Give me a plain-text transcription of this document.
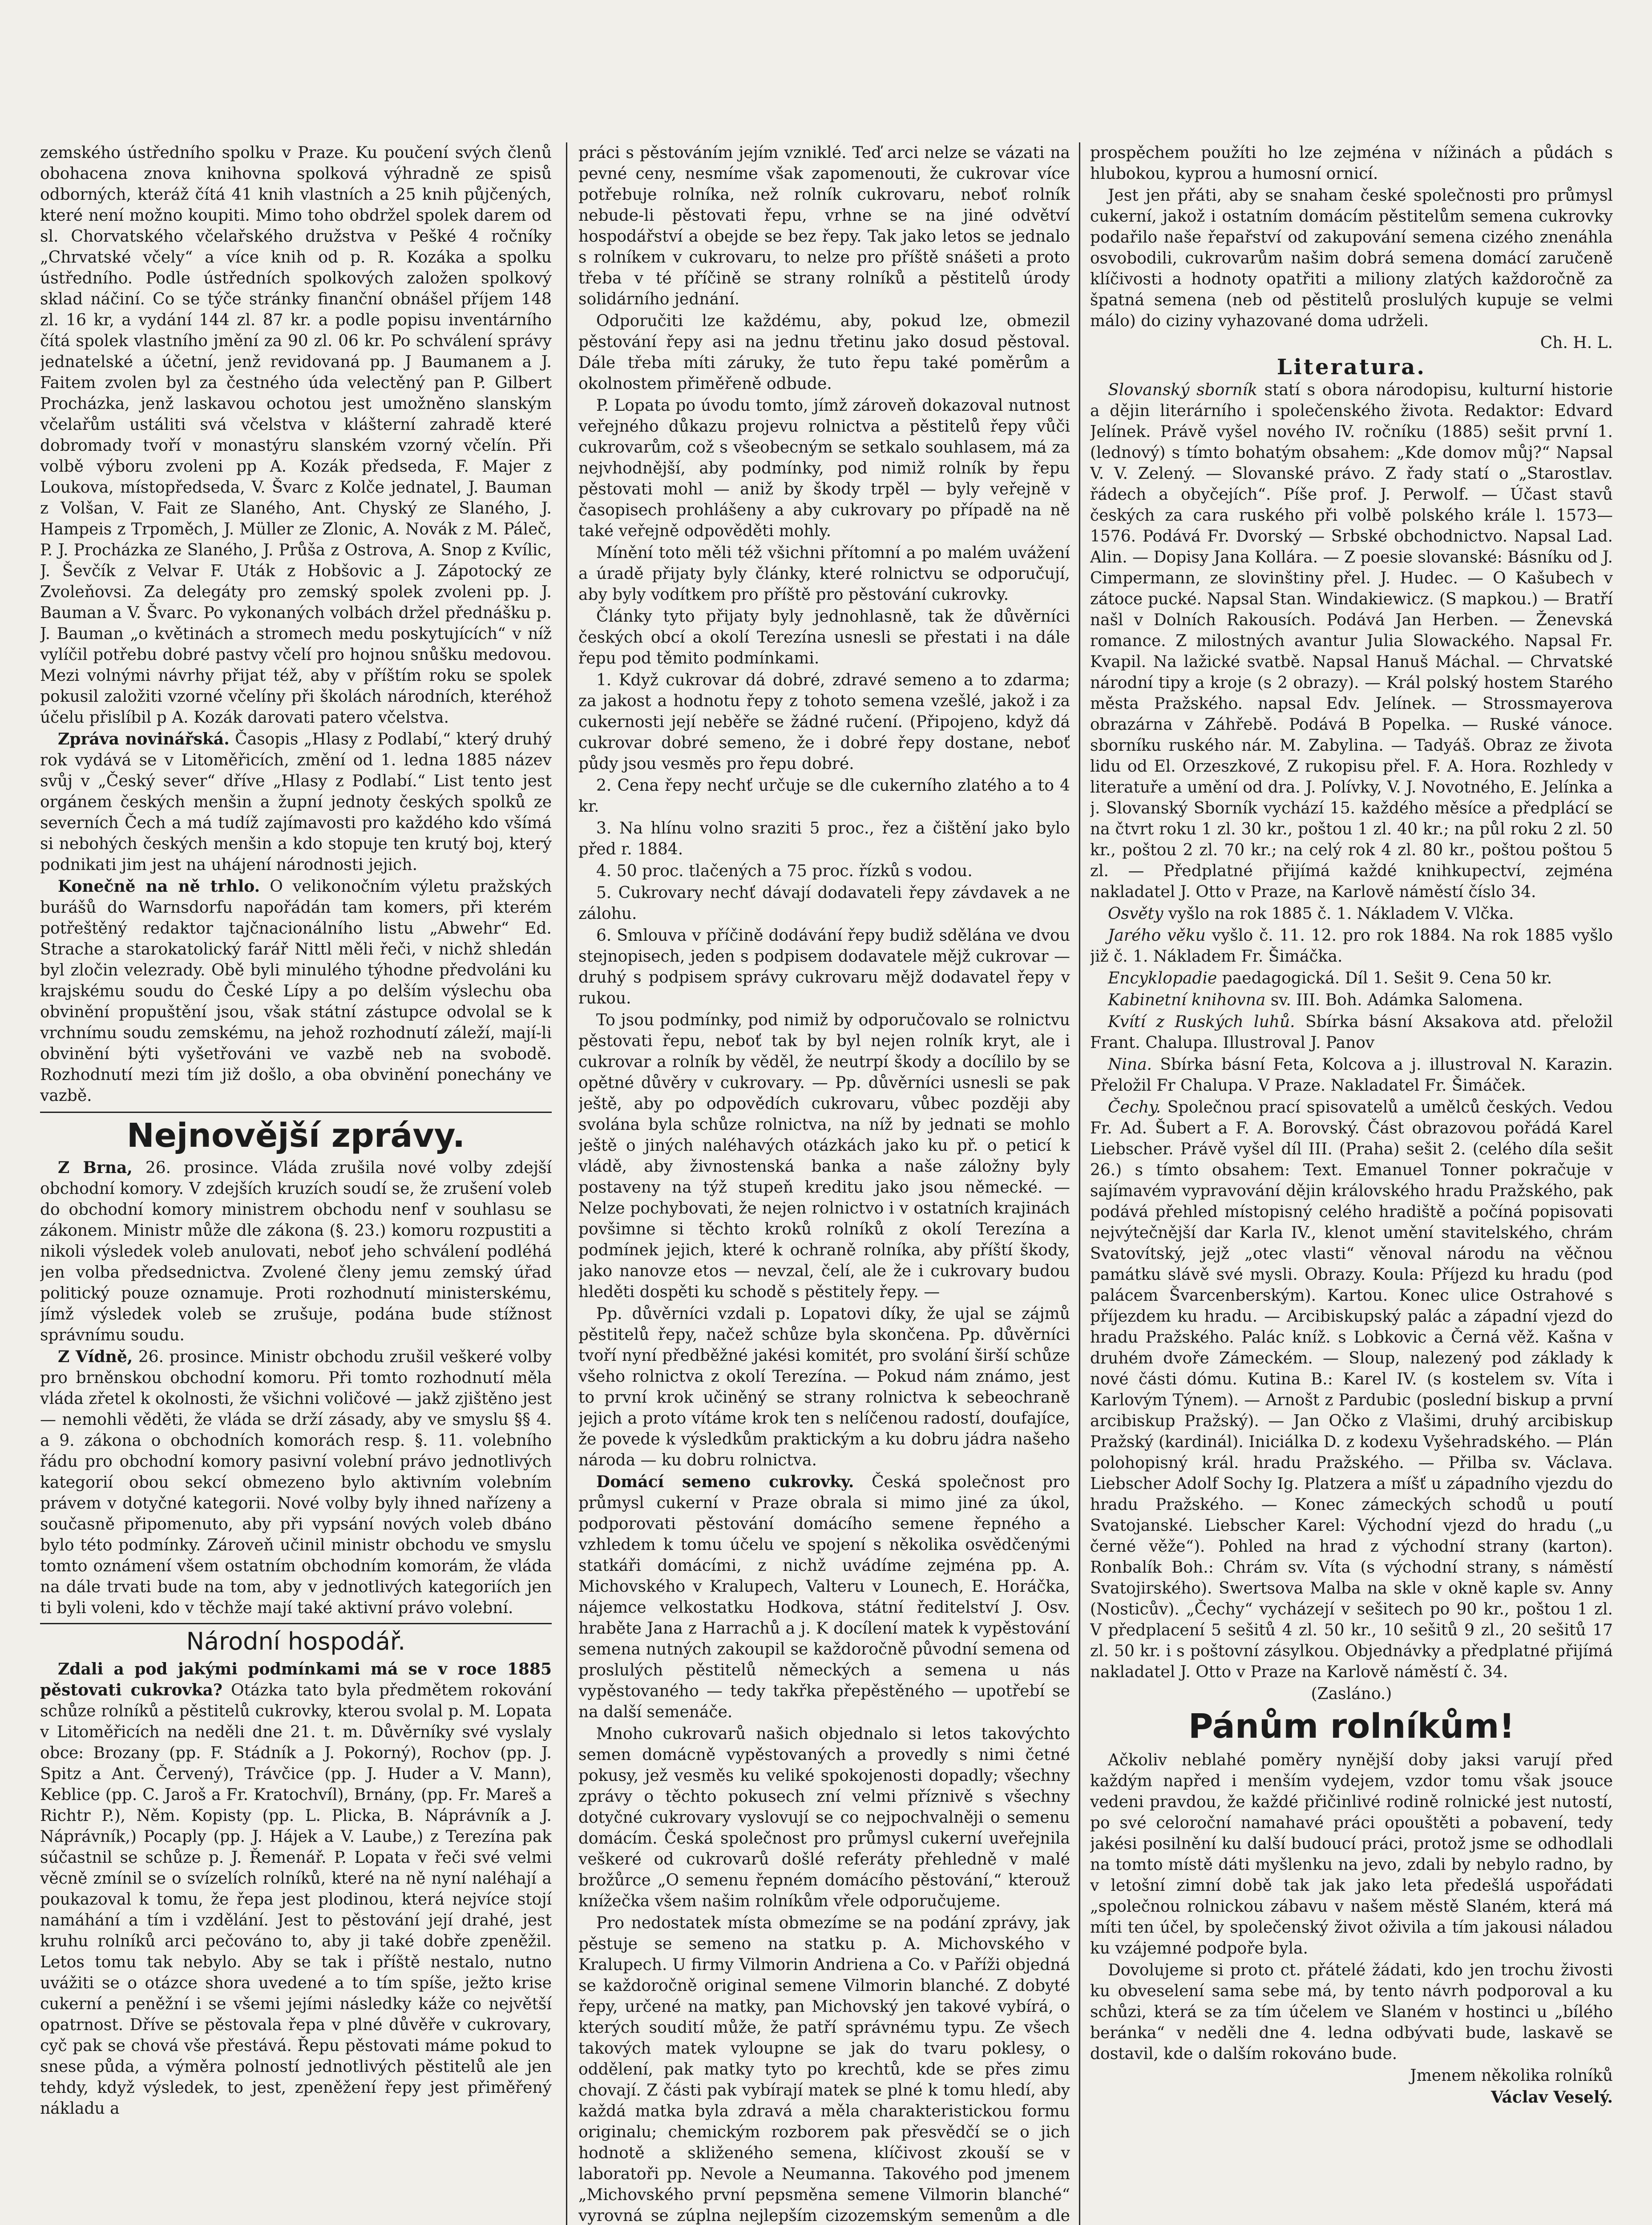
zemského ústředního spolku v Praze. Ku poučení svých členů obohacena znova knihovna spolková výhradně ze spisů odborných, kteráž čítá 41 knih vlastních a 25 knih půjčených, které není možno koupiti. Mimo toho obdržel spolek darem od sl. Chorvatského včelařského družstva v Pešké 4 ročníky „Chrvatské včely“ a více knih od p. R. Kozáka a spolku ústředního. Podle ústředních spolkových založen spolkový sklad náčiní. Co se týče stránky finanční obnášel příjem 148 zl. 16 kr, a vydání 144 zl. 87 kr. a podle popisu inventárního čítá spolek vlastního jmění za 90 zl. 06 kr. Po schválení správy jednatelské a účetní, jenž revidovaná pp. J Baumanem a J. Faitem zvolen byl za čestného úda velectěný pan P. Gilbert Procházka, jenž laskavou ochotou jest umožněno slanským včelařům ustáliti svá včelstva v klášterní zahradě které dobromady tvoří v monastýru slanském vzorný včelín. Při volbě výboru zvoleni pp A. Kozák předseda, F. Majer z Loukova, místopředseda, V. Švarc z Kolče jednatel, J. Bauman z Volšan, V. Fait ze Slaného, Ant. Chyský ze Slaného, J. Hampeis z Trpoměch, J. Müller ze Zlonic, A. Novák z M. Páleč, P. J. Procházka ze Slaného, J. Průša z Ostrova, A. Snop z Kvílic, J. Ševčík z Velvar F. Uták z Hobšovic a J. Zápotocký ze Zvoleňovsi. Za delegáty pro zemský spolek zvoleni pp. J. Bauman a V. Švarc. Po vykonaných volbách držel přednášku p. J. Bauman „o květinách a stromech medu poskytujících“ v níž vylíčil potřebu dobré pastvy včelí pro hojnou snůšku medovou. Mezi volnými návrhy přijat též, aby v příštím roku se spolek pokusil založiti vzorné včelíny při školách národních, kteréhož účelu přislíbil p A. Kozák darovati patero včelstva.

Zpráva novinářská. Časopis „Hlasy z Podlabí,“ který druhý rok vydává se v Litoměřicích, změní od 1. ledna 1885 název svůj v „Český sever“ dříve „Hlasy z Podlabí.“ List tento jest orgánem českých menšin a župní jednoty českých spolků ze severních Čech a má tudíž zajímavosti pro každého kdo všímá si nebohých českých menšin a kdo stopuje ten krutý boj, který podnikati jim jest na uhájení národnosti jejich.

Konečně na ně trhlo. O velikonočním výletu pražských burášů do Warnsdorfu napořádán tam komers, při kterém potřeštěný redaktor tajčnacionálního listu „Abwehr“ Ed. Strache a starokatolický farář Nittl měli řeči, v nichž shledán byl zločin velezrady. Obě byli minulého týhodne předvoláni ku krajskému soudu do České Lípy a po delším výslechu oba obvinění propuštění jsou, však státní zástupce odvolal se k vrchnímu soudu zemskému, na jehož rozhodnutí záleží, mají-li obvinění býti vyšetřováni ve vazbě neb na svobodě. Rozhodnutí mezi tím již došlo, a oba obvinění ponechány ve vazbě.

Nejnovější zprávy.

Z Brna, 26. prosince. Vláda zrušila nové volby zdejší obchodní komory. V zdejších kruzích soudí se, že zrušení voleb do obchodní komory ministrem obchodu nenf v souhlasu se zákonem. Ministr může dle zákona (§. 23.) komoru rozpustiti a nikoli výsledek voleb anulovati, neboť jeho schválení podléhá jen volba předsednictva. Zvolené členy jemu zemský úřad politický pouze oznamuje. Proti rozhodnutí ministerskému, jímž výsledek voleb se zrušuje, podána bude stížnost správnímu soudu.

Z Vídně, 26. prosince. Ministr obchodu zrušil veškeré volby pro brněnskou obchodní komoru. Při tomto rozhodnutí měla vláda zřetel k okolnosti, že všichni voličové — jakž zjištěno jest — nemohli věděti, že vláda se drží zásady, aby ve smyslu §§ 4. a 9. zákona o obchodních komorách resp. §. 11. volebního řádu pro obchodní komory pasivní volební právo jednotlivých kategorií obou sekcí obmezeno bylo aktivním volebním právem v dotyčné kategorii. Nové volby byly ihned nařízeny a současně připomenuto, aby při vypsání nových voleb dbáno bylo této podmínky. Zároveň učinil ministr obchodu ve smyslu tomto oznámení všem ostatním obchodním komorám, že vláda na dále trvati bude na tom, aby v jednotlivých kategoriích jen ti byli voleni, kdo v těchže mají také aktivní právo volební.

Národní hospodář.

Zdali a pod jakými podmínkami má se v roce 1885 pěstovati cukrovka? Otázka tato byla předmětem rokování schůze rolníků a pěstitelů cukrovky, kterou svolal p. M. Lopata v Litoměřicích na neděli dne 21. t. m. Důvěrníky své vyslaly obce: Brozany (pp. F. Stádník a J. Pokorný), Rochov (pp. J. Spitz a Ant. Červený), Trávčice (pp. J. Huder a V. Mann), Keblice (pp. C. Jaroš a Fr. Kratochvíl), Brnány, (pp. Fr. Mareš a Richtr P.), Něm. Kopisty (pp. L. Plicka, B. Náprávník a J. Náprávník,) Pocaply (pp. J. Hájek a V. Laube,) z Terezína pak súčastnil se schůze p. J. Řemenář. P. Lopata v řeči své velmi věcně zmínil se o svízelích rolníků, které na ně nyní naléhají a poukazoval k tomu, že řepa jest plodinou, která nejvíce stojí namáhání a tím i vzdělání. Jest to pěstování její drahé, jest kruhu rolníků arci pečováno to, aby ji také dobře zpeněžil. Letos tomu tak nebylo. Aby se tak i příště nestalo, nutno uvážiti se o otázce shora uvedené a to tím spíše, ježto krise cukerní a peněžní i se všemi jejími následky káže co největší opatrnost. Dříve se pěstovala řepa v plné důvěře v cukrovary, cyč pak se chová vše přestává. Řepu pěstovati máme pokud to snese půda, a výměra polností jednotlivých pěstitelů ale jen tehdy, když výsledek, to jest, zpeněžení řepy jest přiměřený nákladu a

práci s pěstováním jejím vzniklé. Teď arci nelze se vázati na pevné ceny, nesmíme však zapomenouti, že cukrovar více potřebuje rolníka, než rolník cukrovaru, neboť rolník nebude-li pěstovati řepu, vrhne se na jiné odvětví hospodářství a obejde se bez řepy. Tak jako letos se jednalo s rolníkem v cukrovaru, to nelze pro příště snášeti a proto třeba v té příčině se strany rolníků a pěstitelů úrody solidárního jednání.

Odporučiti lze každému, aby, pokud lze, obmezil pěstování řepy asi na jednu třetinu jako dosud pěstoval. Dále třeba míti záruky, že tuto řepu také poměrům a okolnostem přiměřeně odbude.

P. Lopata po úvodu tomto, jímž zároveň dokazoval nutnost veřejného důkazu projevu rolnictva a pěstitelů řepy vůči cukrovarům, což s všeobecným se setkalo souhlasem, má za nejvhodnější, aby podmínky, pod nimiž rolník by řepu pěstovati mohl — aniž by škody trpěl — byly veřejně v časopisech prohlášeny a aby cukrovary po případě na ně také veřejně odpověděti mohly.

Mínění toto měli též všichni přítomní a po malém uvážení a úradě přijaty byly články, které rolnictvu se odporučují, aby byly vodítkem pro příště pro pěstování cukrovky.

Články tyto přijaty byly jednohlasně, tak že důvěrníci českých obcí a okolí Terezína usnesli se přestati i na dále řepu pod těmito podmínkami.

1. Když cukrovar dá dobré, zdravé semeno a to zdarma; za jakost a hodnotu řepy z tohoto semena vzešlé, jakož i za cukernosti její neběře se žádné ručení. (Připojeno, když dá cukrovar dobré semeno, že i dobré řepy dostane, neboť půdy jsou vesměs pro řepu dobré.

2. Cena řepy nechť určuje se dle cukerního zlatého a to 4 kr.

3. Na hlínu volno sraziti 5 proc., řez a čištění jako bylo před r. 1884.

4. 50 proc. tlačených a 75 proc. řízků s vodou.

5. Cukrovary nechť dávají dodavateli řepy závdavek a ne zálohu.

6. Smlouva v příčině dodávání řepy budiž sdělána ve dvou stejnopisech, jeden s podpisem dodavatele mějž cukrovar — druhý s podpisem správy cukrovaru mějž dodavatel řepy v rukou.

To jsou podmínky, pod nimiž by odporučovalo se rolnictvu pěstovati řepu, neboť tak by byl nejen rolník kryt, ale i cukrovar a rolník by věděl, že neutrpí škody a docílilo by se opětné důvěry v cukrovary. — Pp. důvěrníci usnesli se pak ještě, aby po odpovědích cukrovaru, vůbec později aby svolána byla schůze rolnictva, na níž by jednati se mohlo ještě o jiných naléhavých otázkách jako ku př. o peticí k vládě, aby živnostenská banka a naše záložny byly postaveny na týž stupeň kreditu jako jsou německé. — Nelze pochybovati, že nejen rolnictvo i v ostatních krajinách povšimne si těchto kroků rolníků z okolí Terezína a podmínek jejich, které k ochraně rolníka, aby příští škody, jako nanovze etos — nevzal, čelí, ale že i cukrovary budou hleděti dospěti ku schodě s pěstitely řepy. —

Pp. důvěrníci vzdali p. Lopatovi díky, že ujal se zájmů pěstitelů řepy, načež schůze byla skončena. Pp. důvěrníci tvoří nyní předběžné jakési komitét, pro svolání širší schůze všeho rolnictva z okolí Terezína. — Pokud nám známo, jest to první krok učiněný se strany rolnictva k sebeochraně jejich a proto vítáme krok ten s nelíčenou radostí, doufajíce, že povede k výsledkům praktickým a ku dobru jádra našeho národa — ku dobru rolnictva.

Domácí semeno cukrovky. Česká společnost pro průmysl cukerní v Praze obrala si mimo jiné za úkol, podporovati pěstování domácího semene řepného a vzhledem k tomu účelu ve spojení s několika osvědčenými statkáři domácími, z nichž uvádíme zejména pp. A. Michovského v Kralupech, Valteru v Lounech, E. Horáčka, nájemce velkostatku Hodkova, státní ředitelství J. Osv. hraběte Jana z Harrachů a j. K docílení matek k vypěstování semena nutných zakoupil se každoročně původní semena od proslulých pěstitelů německých a semena u nás vypěstovaného — tedy takřka přepěstěného — upotřebí se na další semenáče.

Mnoho cukrovarů našich objednalo si letos takovýchto semen domácně vypěstovaných a provedly s nimi četné pokusy, jež vesměs ku veliké spokojenosti dopadly; všechny zprávy o těchto pokusech zní velmi příznivě s všechny dotyčné cukrovary vyslovují se co nejpochvalněji o semenu domácím. Česká společnost pro průmysl cukerní uveřejnila veškeré od cukrovarů došlé referáty přehledně v malé brožůrce „O semenu řepném domácího pěstování,“ kterouž knížečka všem našim rolníkům vřele odporučujeme.

Pro nedostatek místa obmezíme se na podání zprávy, jak pěstuje se semeno na statku p. A. Michovského v Kralupech. U firmy Vilmorin Andriena a Co. v Paříži objedná se každoročně original semene Vilmorin blanché. Z dobyté řepy, určené na matky, pan Michovský jen takové vybírá, o kterých soudití může, že patří správnému typu. Ze všech takových matek vyloupne se jak do tvaru poklesy, o oddělení, pak matky tyto po krechtů, kde se přes zimu chovají. Z části pak vybírají matek se plné k tomu hledí, aby každá matka byla zdravá a měla charakteristickou formu originalu; chemickým rozborem pak přesvědčí se o jich hodnotě a skliženého semena, klíčivost zkouší se v laboratoři pp. Nevole a Neumanna. Takového pod jmenem „Michovského první pepsměna semene Vilmorin blanché“ vyrovná se zúplna nejlepším cizozemským semenům a dle

prospěchem použíti ho lze zejména v nížinách a půdách s hlubokou, kyprou a humosní ornicí.

Jest jen přáti, aby se snaham české společnosti pro průmysl cukerní, jakož i ostatním domácím pěstitelům semena cukrovky podařilo naše řepařství od zakupování semena cizého znenáhla osvobodili, cukrovarům našim dobrá semena domácí zaručeně klíčivosti a hodnoty opatřiti a miliony zlatých každoročně za špatná semena (neb od pěstitelů proslulých kupuje se velmi málo) do ciziny vyhazované doma udrželi.

Ch. H. L.

Literatura.

Slovanský sborník statí s obora národopisu, kulturní historie a dějin literárního i společenského života. Redaktor: Edvard Jelínek. Právě vyšel nového IV. ročníku (1885) sešit první 1. (lednový) s tímto bohatým obsahem: „Kde domov můj?“ Napsal V. V. Zelený. — Slovanské právo. Z řady statí o „Starostlav. řádech a obyčejích“. Píše prof. J. Perwolf. — Účast stavů českých za cara ruského při volbě polského krále l. 1573—1576. Podává Fr. Dvorský — Srbské obchodnictvo. Napsal Lad. Alin. — Dopisy Jana Kollára. — Z poesie slovanské: Básníku od J. Cimpermann, ze slovinštiny přel. J. Hudec. — O Kašubech v zátoce pucké. Napsal Stan. Windakiewicz. (S mapkou.) — Bratří našl v Dolních Rakousích. Podává Jan Herben. — Ženevská romance. Z milostných avantur Julia Slowackého. Napsal Fr. Kvapil. Na lažické svatbě. Napsal Hanuš Máchal. — Chrvatské národní tipy a kroje (s 2 obrazy). — Král polský hostem Starého města Pražského. napsal Edv. Jelínek. — Strossmayerova obrazárna v Záhřebě. Podává B Popelka. — Ruské vánoce. sborníku ruského nár. M. Zabylina. — Tadyáš. Obraz ze života lidu od El. Orzeszkové, Z rukopisu přel. F. A. Hora. Rozhledy v literatuře a umění od dra. J. Polívky, V. J. Novotného, E. Jelínka a j. Slovanský Sborník vychází 15. každého měsíce a předplácí se na čtvrt roku 1 zl. 30 kr., poštou 1 zl. 40 kr.; na půl roku 2 zl. 50 kr., poštou 2 zl. 70 kr.; na celý rok 4 zl. 80 kr., poštou poštou 5 zl. — Předplatné přijímá každé knihkupectví, zejména nakladatel J. Otto v Praze, na Karlově náměstí číslo 34.

Osvěty vyšlo na rok 1885 č. 1. Nákladem V. Vlčka.

Jarého věku vyšlo č. 11. 12. pro rok 1884. Na rok 1885 vyšlo již č. 1. Nákladem Fr. Šimáčka.

Encyklopadie paedagogická. Díl 1. Sešit 9. Cena 50 kr.

Kabinetní knihovna sv. III. Boh. Adámka Salomena.

Kvítí z Ruských luhů. Sbírka básní Aksakova atd. přeložil Frant. Chalupa. Illustroval J. Panov

Nina. Sbírka básní Feta, Kolcova a j. illustroval N. Karazin. Přeložil Fr Chalupa. V Praze. Nakladatel Fr. Šimáček.

Čechy. Společnou prací spisovatelů a umělců českých. Vedou Fr. Ad. Šubert a F. A. Borovský. Část obrazovou pořádá Karel Liebscher. Právě vyšel díl III. (Praha) sešit 2. (celého díla sešit 26.) s tímto obsahem: Text. Emanuel Tonner pokračuje v sajímavém vypravování dějin královského hradu Pražského, pak podává přehled místopisný celého hradiště a počíná popisovati nejvýtečnější dar Karla IV., klenot umění stavitelského, chrám Svatovítský, jejž „otec vlasti“ věnoval národu na věčnou památku slávě své mysli. Obrazy. Koula: Příjezd ku hradu (pod palácem Švarcenberským). Kartou. Konec ulice Ostrahové s příjezdem ku hradu. — Arcibiskupský palác a západní vjezd do hradu Pražského. Palác kníž. s Lobkovic a Černá věž. Kašna v druhém dvoře Zámeckém. — Sloup, nalezený pod základy k nové části dómu. Kutina B.: Karel IV. (s kostelem sv. Víta i Karlovým Týnem). — Arnošt z Pardubic (poslední biskup a první arcibiskup Pražský). — Jan Očko z Vlašimi, druhý arcibiskup Pražský (kardinál). Iniciálka D. z kodexu Vyšehradského. — Plán polohopisný král. hradu Pražského. — Přilba sv. Václava. Liebscher Adolf Sochy Ig. Platzera a míšť u západního vjezdu do hradu Pražského. — Konec zámeckých schodů u poutí Svatojanské. Liebscher Karel: Východní vjezd do hradu („u černé věže“). Pohled na hrad z východní strany (karton). Ronbalík Boh.: Chrám sv. Víta (s východní strany, s náměstí Svatojirského). Swertsova Malba na skle v okně kaple sv. Anny (Nosticův). „Čechy“ vycházejí v sešitech po 90 kr., poštou 1 zl. V předplacení 5 sešitů 4 zl. 50 kr., 10 sešitů 9 zl., 20 sešitů 17 zl. 50 kr. i s poštovní zásylkou. Objednávky a předplatné přijímá nakladatel J. Otto v Praze na Karlově náměstí č. 34.

(Zasláno.)

Pánům rolníkům!

Ačkoliv neblahé poměry nynější doby jaksi varují před každým napřed i menším vydejem, vzdor tomu však jsouce vedeni pravdou, že každé přičinlivé rodině rolnické jest nutostí, po své celoroční namahavé práci opouštěti a pobavení, tedy jakési posilnění ku další budoucí práci, protož jsme se odhodlali na tomto místě dáti myšlenku na jevo, zdali by nebylo radno, by v letošní zimní době tak jak jako leta předešlá uspořádati „společnou rolnickou zábavu v našem městě Slaném, která má míti ten účel, by společenský život oživila a tím jakousi náladou ku vzájemné podpoře byla.

Dovolujeme si proto ct. přátelé žádati, kdo jen trochu živosti ku obveselení sama sebe má, by tento návrh podporoval a ku schůzi, která se za tím účelem ve Slaném v hostinci u „bílého beránka“ v neděli dne 4. ledna odbývati bude, laskavě se dostavil, kde o dalším rokováno bude.

Jmenem několika rolníků

Václav Veselý.
